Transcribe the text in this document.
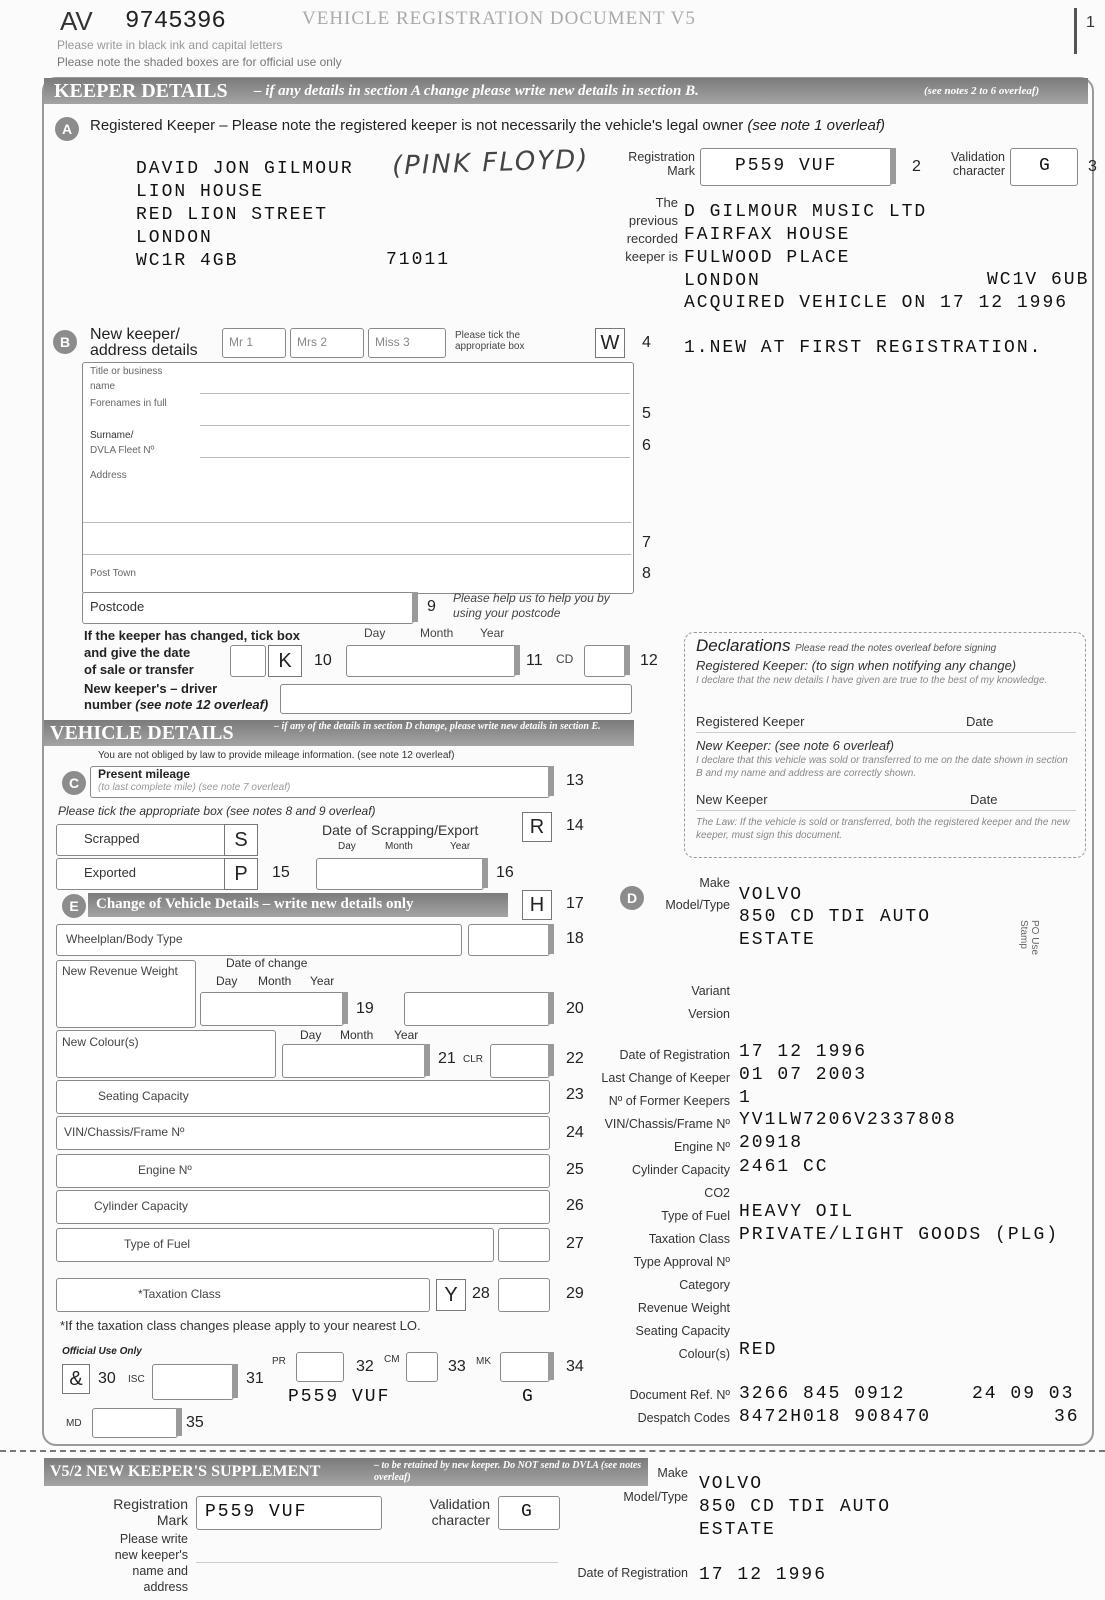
AV 9745396	VEHICLE REGISTRATION DOCUMENT V5	1
Please write in black ink and capital letters
Please note the shaded boxes are for official use only
KEEPER DETAILS – if any details in section A change please write new details in section B.	(see notes 2 to 6 overleaf)
A	Registered Keeper – Please note the registered keeper is not necessarily the vehicle's legal owner (see note 1 overleaf)
DAVID JON GILMOUR
LION HOUSE
RED LION STREET
LONDON
WC1R 4GB	71011
(PINK FLOYD)	Registration
Mark P559 VUF	2
Validation
character G 3
The
previous
recorded
keeper is
D GILMOUR MUSIC LTD
FAIRFAX HOUSE
FULWOOD PLACE
LONDON	WC1V 6UB
ACQUIRED VEHICLE ON 17 12 1996
1.NEW AT FIRST REGISTRATION.
B	New keeper/
address details	Mr 1	Mrs 2	Miss 3	Please tick the appropriate box	W	4
Title or business name
Forenames in full
5
Surname/
DVLA Fleet Nº	6
Address
7
Post Town	8
Postcode	9 Please help us to help you by using your postcode
If the keeper has changed, tick box
and give the date
of sale or transfer
Day	Month Year
K	10	11 CD	12
New keeper's – driver
number (see note 12 overleaf)
Declarations Please read the notes overleaf before signing
Registered Keeper: (to sign when notifying any change)
I declare that the new details I have given are true to the best of my knowledge.
Registered Keeper	Date
New Keeper: (see note 6 overleaf)
I declare that this vehicle was sold or transferred to me on the date shown in section B and my name and address are correctly shown.
New Keeper	Date
The Law: If the vehicle is sold or transferred, both the registered keeper and the new keeper, must sign this document.
VEHICLE DETAILS	– if any of the details in section D change, please write new details in section E.
You are not obliged by law to provide mileage information. (see note 12 overleaf)
C
Present mileage
(to last complete mile) (see note 7 overleaf)	13
Please tick the appropriate box (see notes 8 and 9 overleaf)
R	14
Scrapped	S	Date of Scrapping/Export
Day	Month	Year
Exported	P	15	16
E	Change of Vehicle Details – write new details only	H	17
Wheelplan/Body Type	18
New Revenue Weight
Date of change
Day Month Year
19	20
New Colour(s)	Day Month Year
21 CLR	22
Seating Capacity	23
VIN/Chassis/Frame Nº	24
Engine Nº	25
Cylinder Capacity	26
Type of Fuel	27
*Taxation Class	Y 28	29
*If the taxation class changes please apply to your nearest LO.
Official Use Only
& 30 ISC	31
PR	32 CM	33 MK	34
P559 VUF	G
MD	35
D
Make
VOLVO
Model/Type
850 CD TDI AUTO
ESTATE
Variant
Version
Date of Registration 17 12 1996
Last Change of Keeper 01 07 2003
Nº of Former Keepers 1
VIN/Chassis/Frame Nº YV1LW7206V2337808
Engine Nº 20918
Cylinder Capacity 2461 CC
CO2
Type of Fuel HEAVY OIL
Taxation Class PRIVATE/LIGHT GOODS (PLG)
Type Approval Nº
Category
Revenue Weight
Seating Capacity
Colour(s) RED
Document Ref. Nº 3266 845 0912	24 09 03
Despatch Codes 8472H018 908470	36
PO Use Stamp
V5/2 NEW KEEPER'S SUPPLEMENT	– to be retained by new keeper. Do NOT send to DVLA (see notes overleaf)
Registration
Mark P559 VUF	Validation
character G
Please write
new keeper's
name and
address
Make
VOLVO
Model/Type 850 CD TDI AUTO
ESTATE
Date of Registration 17 12 1996
